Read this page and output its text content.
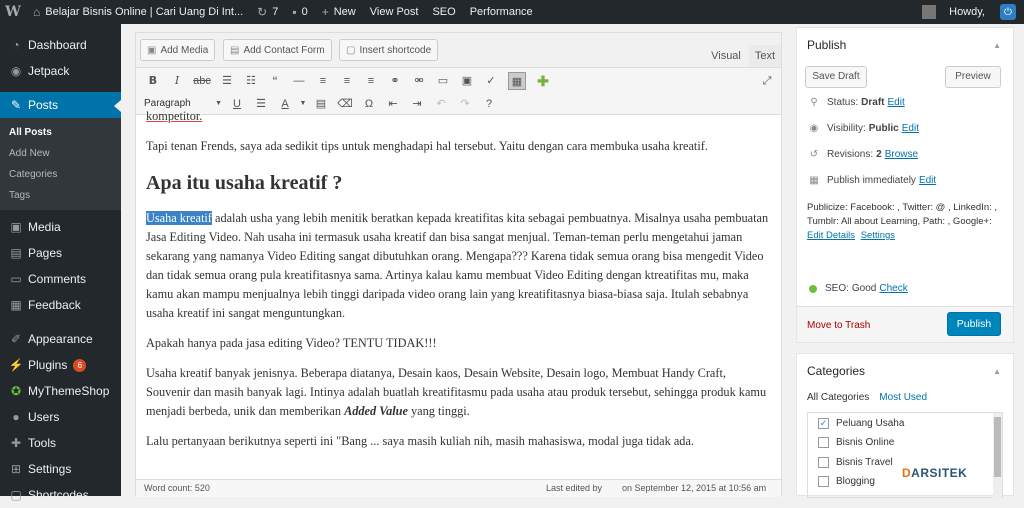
W	⌂ Belajar Bisnis Online | Cari Uang Di Int... ↻ 7 ▪ 0 + New	View Post	SEO	Performance	Howdy,	⏻
◔ Dashboard
◉ Jetpack
✎ Posts
All Posts
Add New
Categories
Tags
▣ Media
▤ Pages
▭ Comments
▦ Feedback
✐ Appearance
⚡ Plugins	6
✪ MyThemeShop
● Users
✚ Tools
⊞ Settings
▢ Shortcodes
▣ Add Media ▤ Add Contact Form ▢ Insert shortcode	Visual	Text
B	I	abc	☰	☷	“	—	≡	≡	≡	⚭	⚮	▭	▣	✓	▦ ✚	⤢
Paragraph	▼	U	☰	A	▼ ▤	⌫	Ω	⇤	⇥	↶	↷	?

kompetitor.

Tapi tenan Frends, saya ada sedikit tips untuk menghadapi hal tersebut. Yaitu dengan cara membuka usaha kreatif.

Apa itu usaha kreatif ?

Usaha kreatif adalah usha yang lebih menitik beratkan kepada kreatifitas kita sebagai pembuatnya. Misalnya usaha pembuatan Jasa Editing Video. Nah usaha ini termasuk usaha kreatif dan bisa sangat menjual. Teman-teman perlu mengetahui jaman sekarang yang namanya Video Editing sangat dibutuhkan orang. Mengapa??? Karena tidak semua orang bisa mengedit Video dan tidak semua orang pula kreatifitasnya sama. Artinya kalau kamu membuat Video Editing dengan ktreatifitas mu, maka kamu akan mampu menjualnya lebih tinggi daripada video orang lain yang kreatifitasnya biasa-biasa saja. Itulah sebabnya usaha kreatif ini sangat menguntungkan.

Apakah hanya pada jasa editing Video? TENTU TIDAK!!!

Usaha kreatif banyak jenisnya. Beberapa diatanya, Desain kaos, Desain Website, Desain logo, Membuat Handy Craft, Souvenir dan masih banyak lagi. Intinya adalah buatlah kreatifitasmu pada usaha atau produk tersebut, sehingga produk kamu menjadi berbeda, unik dan memberikan Added Value yang tinggi.

Lalu pertanyaan berikutnya seperti ini "Bang ... saya masih kuliah nih, masih mahasiswa, modal juga tidak ada.

Word count: 520	Last edited by on September 12, 2015 at 10:56 am
Publish	▲
Save Draft	Preview
⚲ Status: Draft Edit
◉ Visibility: Public Edit
↺ Revisions: 2 Browse
▦ Publish immediately Edit
Publicize: Facebook: , Twitter: @ , LinkedIn: , Tumblr: All about Learning, Path: , Google+:
Edit Details Settings
SEO: Good Check
Move to Trash	Publish
Categories	▲
All Categories Most Used
✓ Peluang Usaha
Bisnis Online
Bisnis Travel
Blogging
DARSITEK
